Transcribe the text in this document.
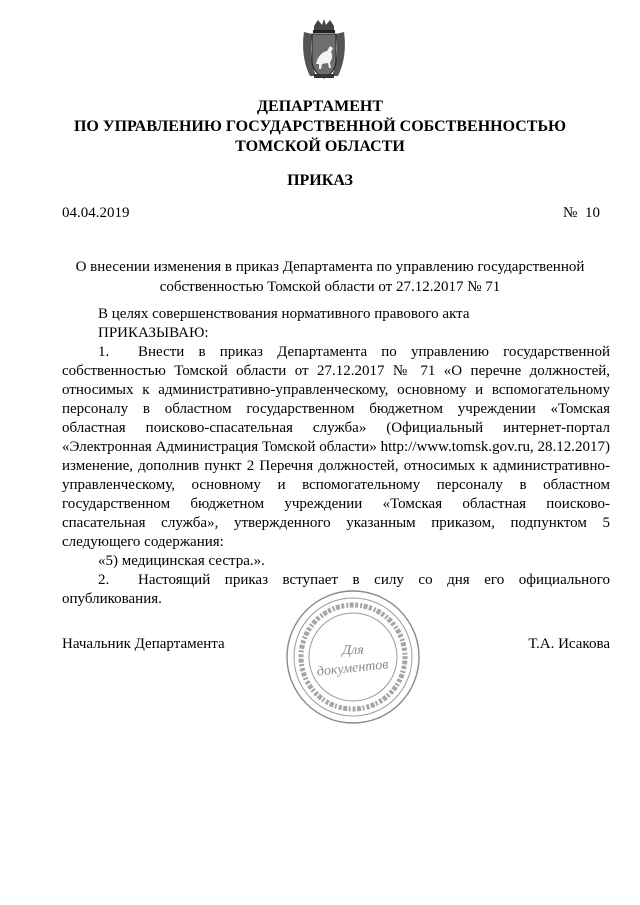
ДЕПАРТАМЕНТ
ПО УПРАВЛЕНИЮ ГОСУДАРСТВЕННОЙ СОБСТВЕННОСТЬЮ
ТОМСКОЙ ОБЛАСТИ
ПРИКАЗ
04.04.2019	№ 10
О внесении изменения в приказ Департамента по управлению государственной
собственностью Томской области от 27.12.2017 № 71

В целях совершенствования нормативного правового акта

ПРИКАЗЫВАЮ:

1. Внести в приказ Департамента по управлению государственной собственностью Томской области от 27.12.2017 № 71 «О перечне должностей, относимых к административно-управленческому, основному и вспомогательному персоналу в областном государственном бюджетном учреждении «Томская областная поисково-спасательная служба» (Официальный интернет-портал «Электронная Администрация Томской области» http://www.tomsk.gov.ru, 28.12.2017) изменение, дополнив пункт 2 Перечня должностей, относимых к административно-управленческому, основному и вспомогательному персоналу в областном государственном бюджетном учреждении «Томская областная поисково-спасательная служба», утвержденного указанным приказом, подпунктом 5 следующего содержания:

«5) медицинская сестра.».

2. Настоящий приказ вступает в силу со дня его официального опубликования.

Для
документов
Начальник Департамента	Т.А. Исакова
